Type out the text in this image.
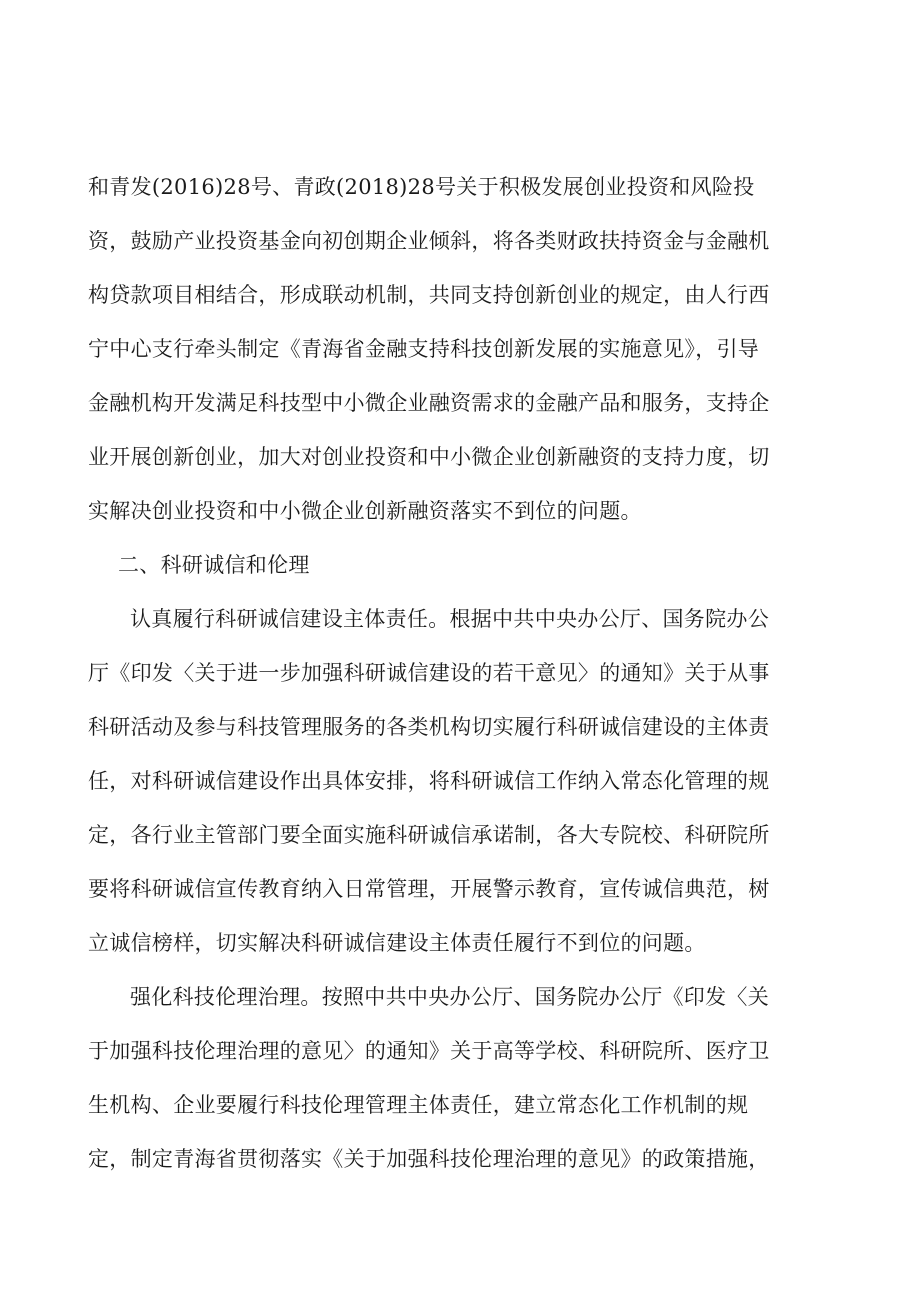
和青发(2016)28号、青政(2018)28号关于积极发展创业投资和风险投
资，鼓励产业投资基金向初创期企业倾斜，将各类财政扶持资金与金融机
构贷款项目相结合，形成联动机制，共同支持创新创业的规定，由人行西
宁中心支行牵头制定《青海省金融支持科技创新发展的实施意见》，引导
金融机构开发满足科技型中小微企业融资需求的金融产品和服务，支持企
业开展创新创业，加大对创业投资和中小微企业创新融资的支持力度，切
实解决创业投资和中小微企业创新融资落实不到位的问题。
二、科研诚信和伦理
认真履行科研诚信建设主体责任。根据中共中央办公厅、国务院办公
厅《印发〈关于进一步加强科研诚信建设的若干意见〉的通知》关于从事
科研活动及参与科技管理服务的各类机构切实履行科研诚信建设的主体责
任，对科研诚信建设作出具体安排，将科研诚信工作纳入常态化管理的规
定，各行业主管部门要全面实施科研诚信承诺制，各大专院校、科研院所
要将科研诚信宣传教育纳入日常管理，开展警示教育，宣传诚信典范，树
立诚信榜样，切实解决科研诚信建设主体责任履行不到位的问题。
强化科技伦理治理。按照中共中央办公厅、国务院办公厅《印发〈关
于加强科技伦理治理的意见〉的通知》关于高等学校、科研院所、医疗卫
生机构、企业要履行科技伦理管理主体责任，建立常态化工作机制的规
定，制定青海省贯彻落实《关于加强科技伦理治理的意见》的政策措施，
